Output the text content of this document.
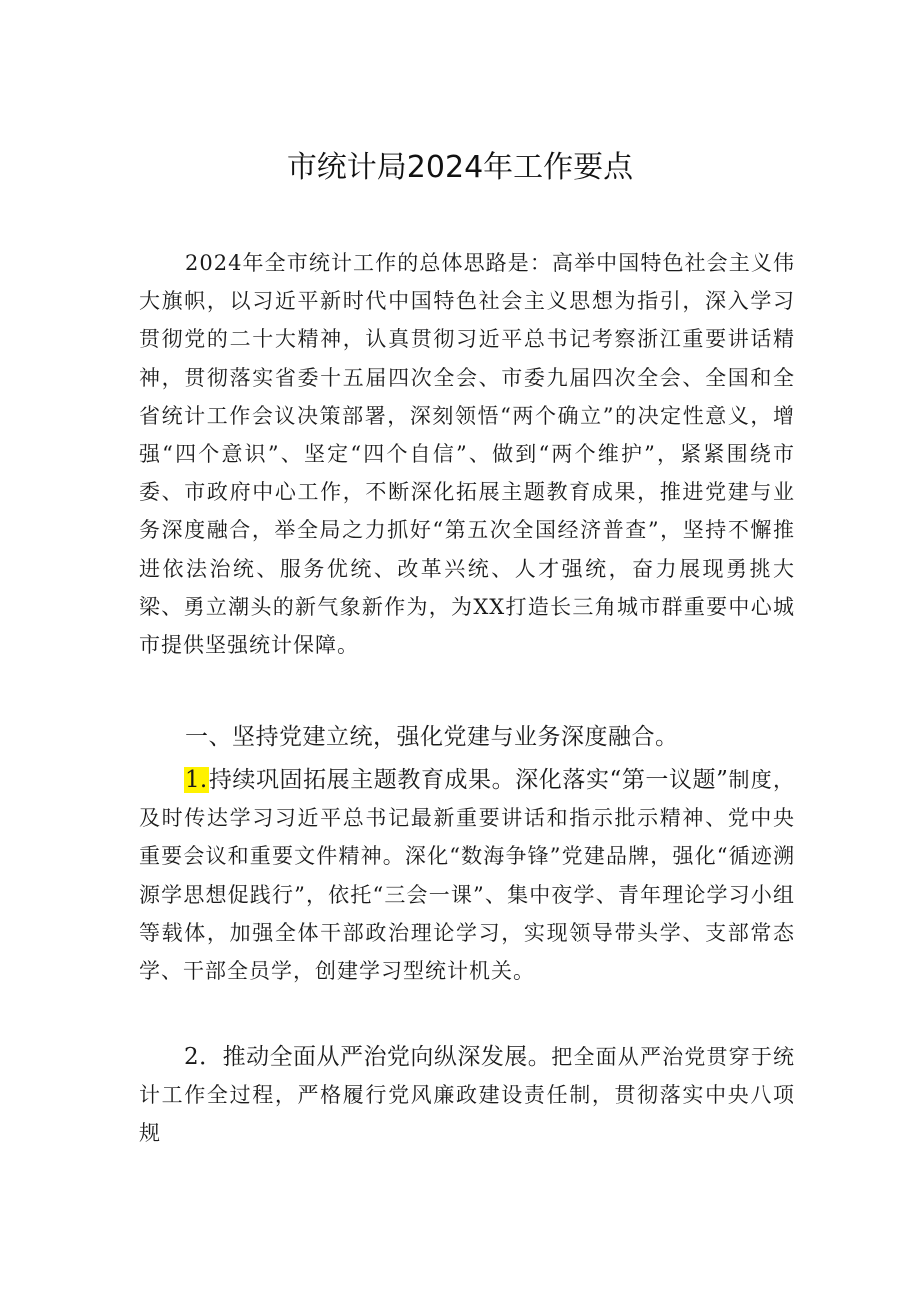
市统计局2024年工作要点

2024年全市统计工作的总体思路是：高举中国特色社会主义伟大旗帜，以习近平新时代中国特色社会主义思想为指引，深入学习贯彻党的二十大精神，认真贯彻习近平总书记考察浙江重要讲话精神，贯彻落实省委十五届四次全会、市委九届四次全会、全国和全省统计工作会议决策部署，深刻领悟“两个确立”的决定性意义，增强“四个意识”、坚定“四个自信”、做到“两个维护”，紧紧围绕市委、市政府中心工作，不断深化拓展主题教育成果，推进党建与业务深度融合，举全局之力抓好“第五次全国经济普查”，坚持不懈推进依法治统、服务优统、改革兴统、人才强统，奋力展现勇挑大梁、勇立潮头的新气象新作为，为XX打造长三角城市群重要中心城市提供坚强统计保障。

一、坚持党建立统，强化党建与业务深度融合。

1.持续巩固拓展主题教育成果。深化落实“第一议题”制度，及时传达学习习近平总书记最新重要讲话和指示批示精神、党中央重要会议和重要文件精神。深化“数海争锋”党建品牌，强化“循迹溯源学思想促践行”，依托“三会一课”、集中夜学、青年理论学习小组等载体，加强全体干部政治理论学习，实现领导带头学、支部常态学、干部全员学，创建学习型统计机关。

2．推动全面从严治党向纵深发展。把全面从严治党贯穿于统计工作全过程，严格履行党风廉政建设责任制，贯彻落实中央八项规
